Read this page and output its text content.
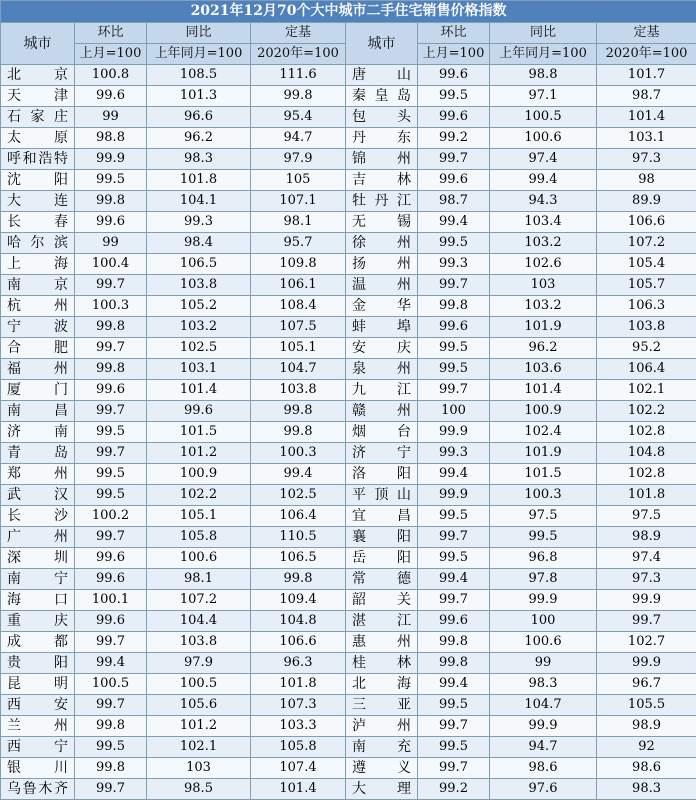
2021年12月70个大中城市二手住宅销售价格指数							
城市	环比	同比	定基	城市	环比	同比	定基
	上月=100	上年同月=100	2020年=100		上月=100	上年同月=100	2020年=100
北京	100.8	108.5	111.6	唐山	99.6	98.8	101.7
天津	99.6	101.3	99.8	秦皇岛	99.5	97.1	98.7
石家庄	99	96.6	95.4	包头	99.6	100.5	101.4
太原	98.8	96.2	94.7	丹东	99.2	100.6	103.1
呼和浩特	99.9	98.3	97.9	锦州	99.7	97.4	97.3
沈阳	99.5	101.8	105	吉林	99.6	99.4	98
大连	99.8	104.1	107.1	牡丹江	98.7	94.3	89.9
长春	99.6	99.3	98.1	无锡	99.4	103.4	106.6
哈尔滨	99	98.4	95.7	徐州	99.5	103.2	107.2
上海	100.4	106.5	109.8	扬州	99.3	102.6	105.4
南京	99.7	103.8	106.1	温州	99.7	103	105.7
杭州	100.3	105.2	108.4	金华	99.8	103.2	106.3
宁波	99.8	103.2	107.5	蚌埠	99.6	101.9	103.8
合肥	99.7	102.5	105.1	安庆	99.5	96.2	95.2
福州	99.8	103.1	104.7	泉州	99.5	103.6	106.4
厦门	99.6	101.4	103.8	九江	99.7	101.4	102.1
南昌	99.7	99.6	99.8	赣州	100	100.9	102.2
济南	99.5	101.5	99.8	烟台	99.9	102.4	102.8
青岛	99.7	101.2	100.3	济宁	99.3	101.9	104.8
郑州	99.5	100.9	99.4	洛阳	99.4	101.5	102.8
武汉	99.5	102.2	102.5	平顶山	99.9	100.3	101.8
长沙	100.2	105.1	106.4	宜昌	99.5	97.5	97.5
广州	99.7	105.8	110.5	襄阳	99.7	99.5	98.9
深圳	99.6	100.6	106.5	岳阳	99.5	96.8	97.4
南宁	99.6	98.1	99.8	常德	99.4	97.8	97.3
海口	100.1	107.2	109.4	韶关	99.7	99.9	99.9
重庆	99.6	104.4	104.8	湛江	99.6	100	99.7
成都	99.7	103.8	106.6	惠州	99.8	100.6	102.7
贵阳	99.4	97.9	96.3	桂林	99.8	99	99.9
昆明	100.5	100.5	101.8	北海	99.4	98.3	96.7
西安	99.7	105.6	107.3	三亚	99.5	104.7	105.5
兰州	99.8	101.2	103.3	泸州	99.7	99.9	98.9
西宁	99.5	102.1	105.8	南充	99.5	94.7	92
银川	99.8	103	107.4	遵义	99.7	98.6	98.6
乌鲁木齐	99.7	98.5	101.4	大理	99.2	97.6	98.3
